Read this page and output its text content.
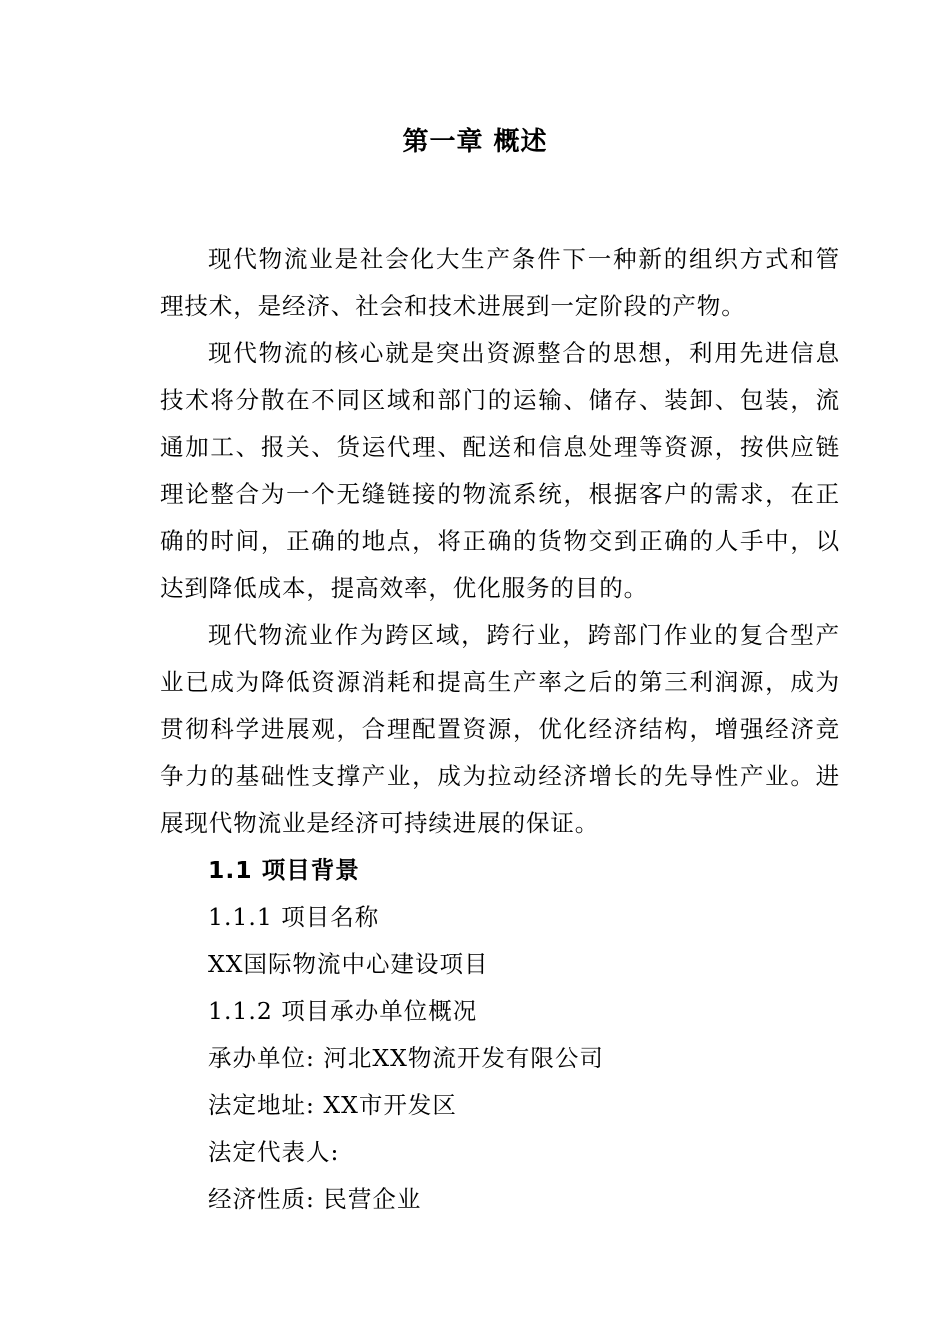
第一章 概述

现代物流业是社会化大生产条件下一种新的组织方式和管理技术，是经济、社会和技术进展到一定阶段的产物。

现代物流的核心就是突出资源整合的思想，利用先进信息技术将分散在不同区域和部门的运输、储存、装卸、包装，流通加工、报关、货运代理、配送和信息处理等资源，按供应链理论整合为一个无缝链接的物流系统，根据客户的需求，在正确的时间，正确的地点，将正确的货物交到正确的人手中，以达到降低成本，提高效率，优化服务的目的。

现代物流业作为跨区域，跨行业，跨部门作业的复合型产业已成为降低资源消耗和提高生产率之后的第三利润源，成为贯彻科学进展观，合理配置资源，优化经济结构，增强经济竞争力的基础性支撑产业，成为拉动经济增长的先导性产业。进展现代物流业是经济可持续进展的保证。

1.1 项目背景

1.1.1 项目名称

XX国际物流中心建设项目

1.1.2 项目承办单位概况

承办单位: 河北XX物流开发有限公司

法定地址: XX市开发区

法定代表人:

经济性质: 民营企业
